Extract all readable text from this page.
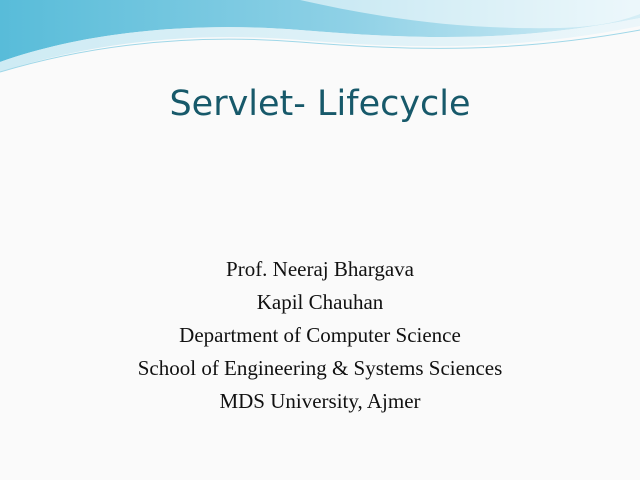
Servlet- Lifecycle
Prof. Neeraj Bhargava
Kapil Chauhan
Department of Computer Science
School of Engineering & Systems Sciences
MDS University, Ajmer
